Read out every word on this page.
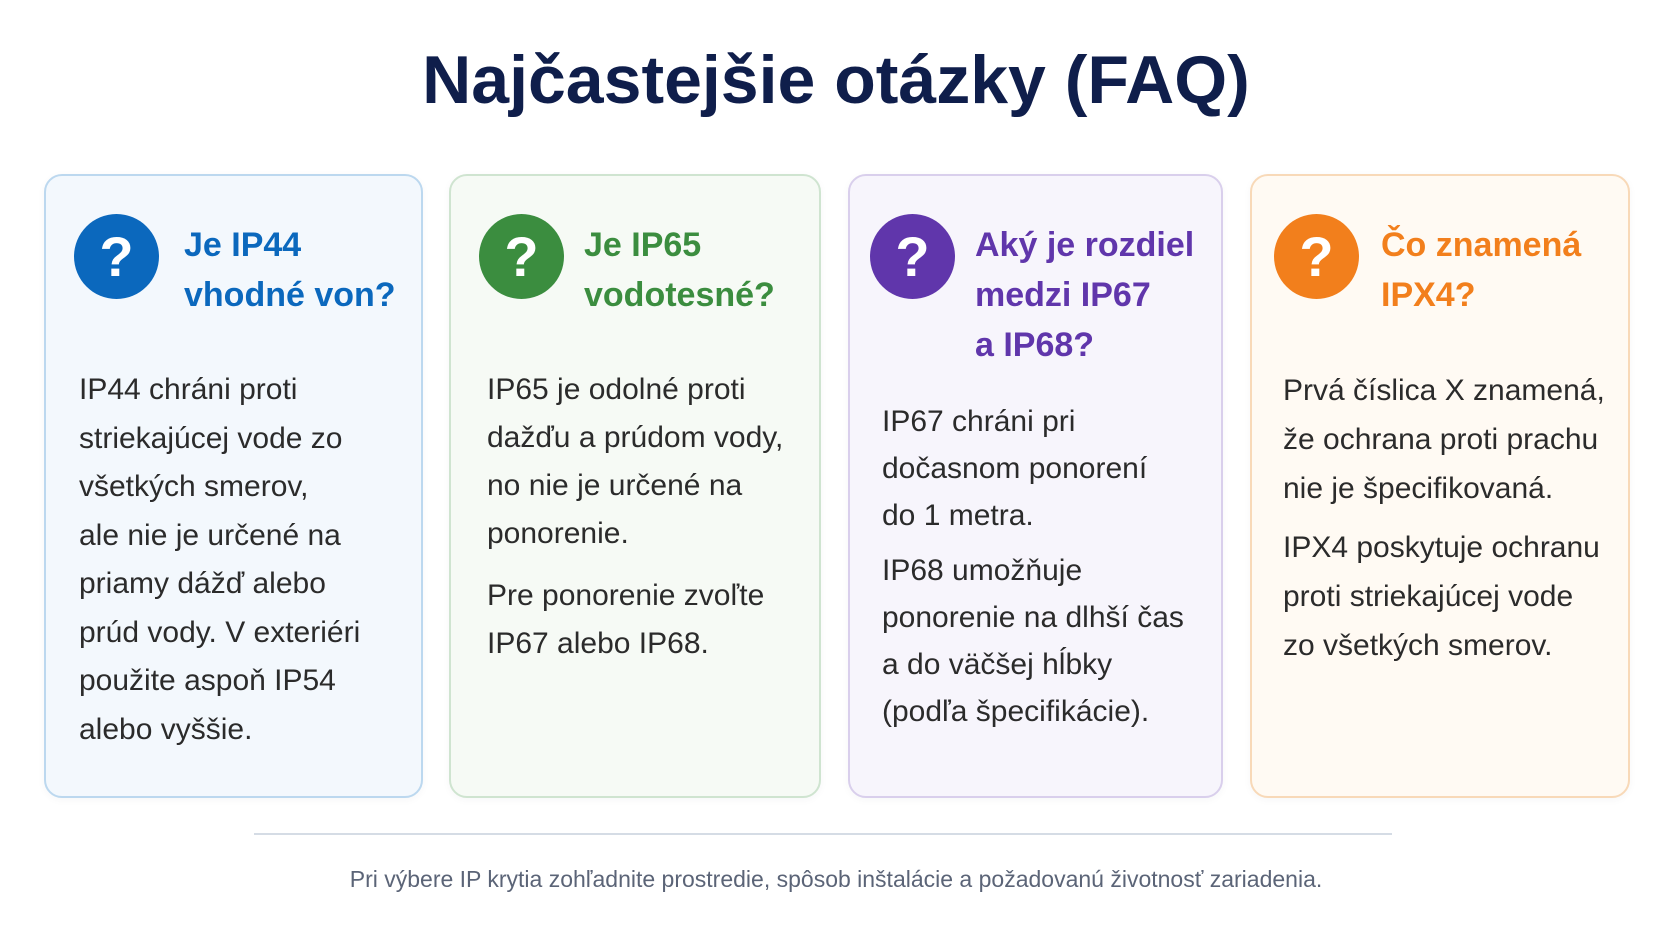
Najčastejšie otázky (FAQ)
?	Je IP44
vhodné von?

IP44 chráni proti
striekajúcej vode zo
všetkých smerov,
ale nie je určené na
priamy dážď alebo
prúd vody. V exteriéri
použite aspoň IP54
alebo vyššie.

?	Je IP65
vodotesné?

IP65 je odolné proti
dažďu a prúdom vody,
no nie je určené na
ponorenie.

Pre ponorenie zvoľte
IP67 alebo IP68.

?	Aký je rozdiel
medzi IP67
a IP68?

IP67 chráni pri
dočasnom ponorení
do 1 metra.

IP68 umožňuje
ponorenie na dlhší čas
a do väčšej hĺbky
(podľa špecifikácie).

?	Čo znamená
IPX4?

Prvá číslica X znamená,
že ochrana proti prachu
nie je špecifikovaná.

IPX4 poskytuje ochranu
proti striekajúcej vode
zo všetkých smerov.

Pri výbere IP krytia zohľadnite prostredie, spôsob inštalácie a požadovanú životnosť zariadenia.
